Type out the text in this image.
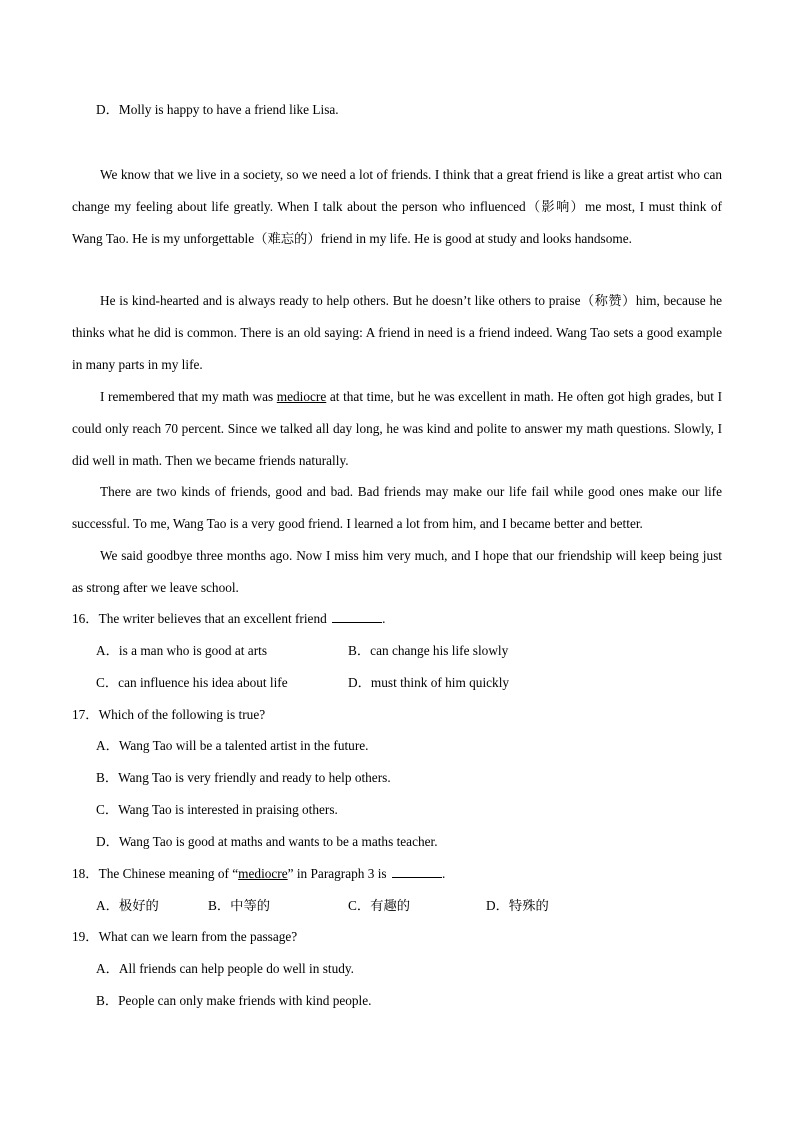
D．Molly is happy to have a friend like Lisa.
We know that we live in a society, so we need a lot of friends. I think that a great friend is like a great artist who can change my feeling about life greatly. When I talk about the person who influenced（影响）me most, I must think of Wang Tao. He is my unforgettable（难忘的）friend in my life. He is good at study and looks handsome.
He is kind-hearted and is always ready to help others. But he doesn’t like others to praise（称赞）him, because he thinks what he did is common. There is an old saying: A friend in need is a friend indeed. Wang Tao sets a good example in many parts in my life.
I remembered that my math was mediocre at that time, but he was excellent in math. He often got high grades, but I could only reach 70 percent. Since we talked all day long, he was kind and polite to answer my math questions. Slowly, I did well in math. Then we became friends naturally.
There are two kinds of friends, good and bad. Bad friends may make our life fail while good ones make our life successful. To me, Wang Tao is a very good friend. I learned a lot from him, and I became better and better.
We said goodbye three months ago. Now I miss him very much, and I hope that our friendship will keep being just as strong after we leave school.
16．The writer believes that an excellent friend	.
A．is a man who is good at arts	B．can change his life slowly
C．can influence his idea about life	D．must think of him quickly
17．Which of the following is true?
A．Wang Tao will be a talented artist in the future.
B．Wang Tao is very friendly and ready to help others.
C．Wang Tao is interested in praising others.
D．Wang Tao is good at maths and wants to be a maths teacher.
18．The Chinese meaning of “mediocre” in Paragraph 3 is	.
A．极好的	B．中等的	C．有趣的	D．特殊的
19．What can we learn from the passage?
A．All friends can help people do well in study.
B．People can only make friends with kind people.
